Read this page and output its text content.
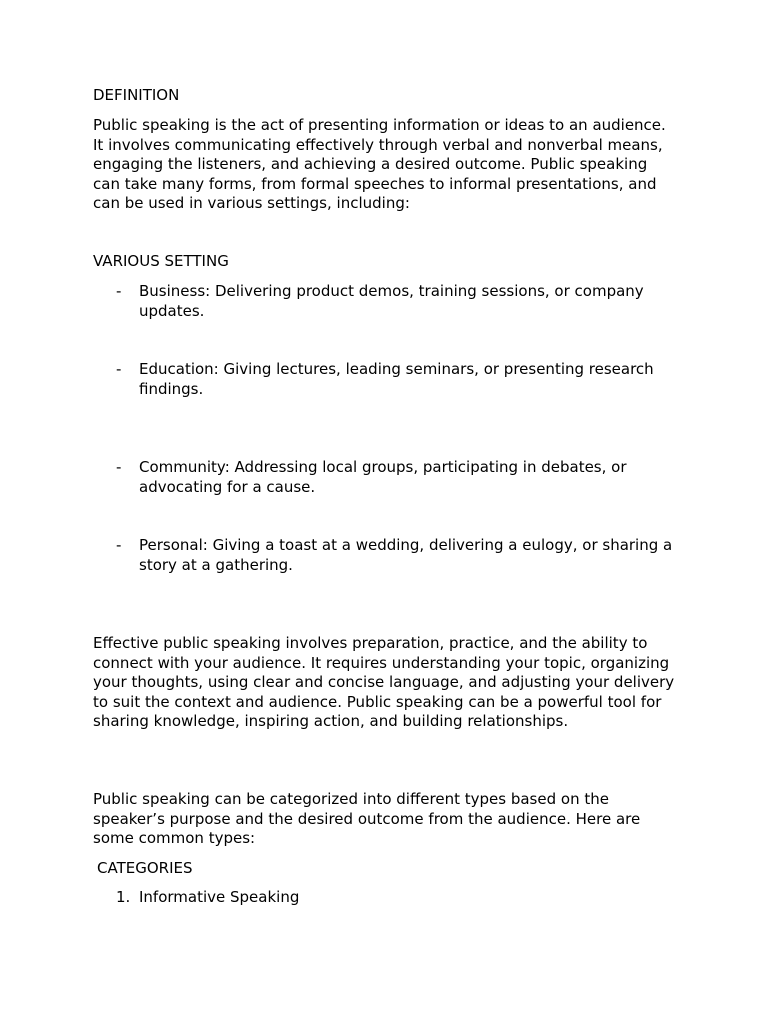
DEFINITION

Public speaking is the act of presenting information or ideas to an audience. It involves communicating effectively through verbal and nonverbal means, engaging the listeners, and achieving a desired outcome. Public speaking can take many forms, from formal speeches to informal presentations, and can be used in various settings, including:

VARIOUS SETTING

- Business: Delivering product demos, training sessions, or company updates.
- Education: Giving lectures, leading seminars, or presenting research findings.
- Community: Addressing local groups, participating in debates, or advocating for a cause.
- Personal: Giving a toast at a wedding, delivering a eulogy, or sharing a story at a gathering.

Effective public speaking involves preparation, practice, and the ability to connect with your audience. It requires understanding your topic, organizing your thoughts, using clear and concise language, and adjusting your delivery to suit the context and audience. Public speaking can be a powerful tool for sharing knowledge, inspiring action, and building relationships.

Public speaking can be categorized into different types based on the speaker’s purpose and the desired outcome from the audience. Here are some common types:

CATEGORIES

1. Informative Speaking
